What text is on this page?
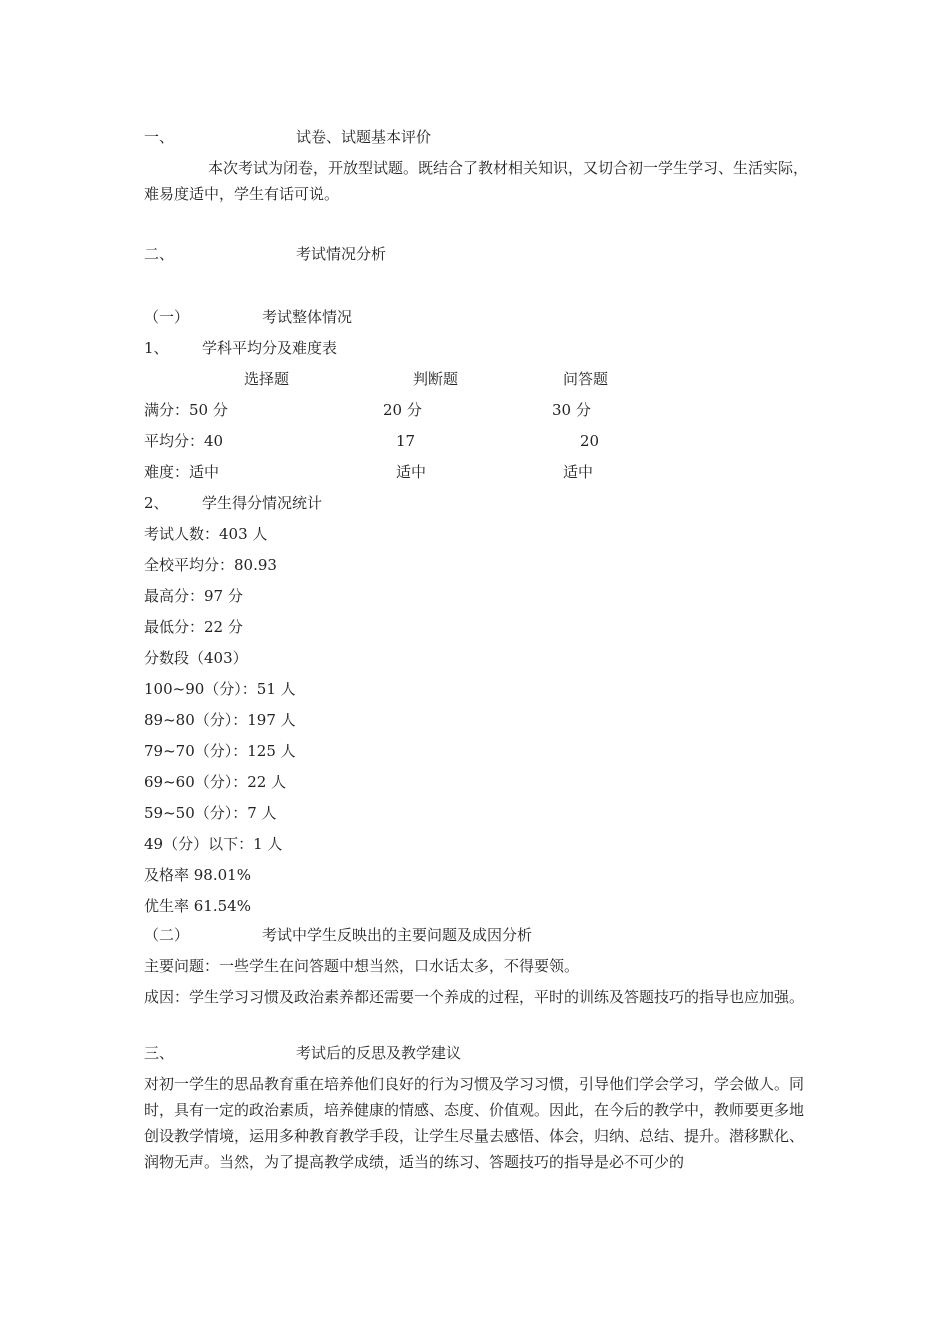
一、	试卷、试题基本评价
本次考试为闭卷，开放型试题。既结合了教材相关知识，又切合初一学生学习、生活实际，难易度适中，学生有话可说。
二、	考试情况分析
（一）	考试整体情况
1、 学科平均分及难度表
选择题	判断题	问答题
满分：50 分	20 分	30 分
平均分：40	17	20
难度：适中	适中	适中
2、 学生得分情况统计
考试人数：403 人
全校平均分：80.93
最高分：97 分
最低分：22 分
分数段（403）
100~90（分）：51 人
89~80（分）：197 人
79~70（分）：125 人
69~60（分）：22 人
59~50（分）：7 人
49（分）以下：1 人
及格率 98.01%
优生率 61.54%
（二）	考试中学生反映出的主要问题及成因分析
主要问题：一些学生在问答题中想当然，口水话太多，不得要领。
成因：学生学习习惯及政治素养都还需要一个养成的过程，平时的训练及答题技巧的指导也应加强。
三、	考试后的反思及教学建议
对初一学生的思品教育重在培养他们良好的行为习惯及学习习惯，引导他们学会学习，学会做人。同时，具有一定的政治素质，培养健康的情感、态度、价值观。因此，在今后的教学中，教师要更多地创设教学情境，运用多种教育教学手段，让学生尽量去感悟、体会，归纳、总结、提升。潜移默化、润物无声。当然，为了提高教学成绩，适当的练习、答题技巧的指导是必不可少的
